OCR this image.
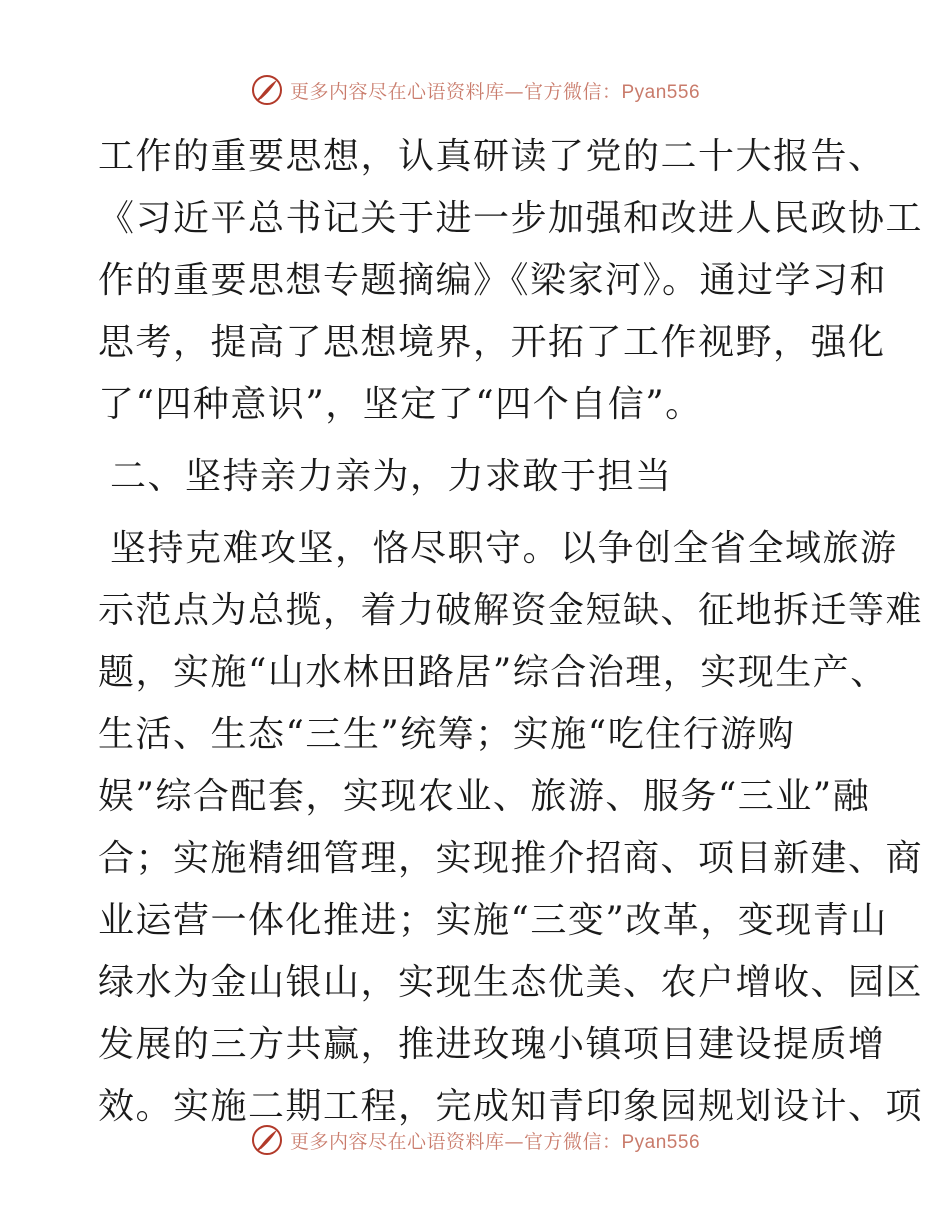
更多内容尽在心语资料库—官方微信：Pyan556
工作的重要思想，认真研读了党的二十大报告、
《习近平总书记关于进一步加强和改进人民政协工
作的重要思想专题摘编》《梁家河》。通过学习和
思考，提高了思想境界，开拓了工作视野，强化
了“四种意识”，坚定了“四个自信”。
二、坚持亲力亲为，力求敢于担当
坚持克难攻坚，恪尽职守。以争创全省全域旅游
示范点为总揽，着力破解资金短缺、征地拆迁等难
题，实施“山水林田路居”综合治理，实现生产、
生活、生态“三生”统筹；实施“吃住行游购
娱”综合配套，实现农业、旅游、服务“三业”融
合；实施精细管理，实现推介招商、项目新建、商
业运营一体化推进；实施“三变”改革，变现青山
绿水为金山银山，实现生态优美、农户增收、园区
发展的三方共赢，推进玫瑰小镇项目建设提质增
效。实施二期工程，完成知青印象园规划设计、项
更多内容尽在心语资料库—官方微信：Pyan556
